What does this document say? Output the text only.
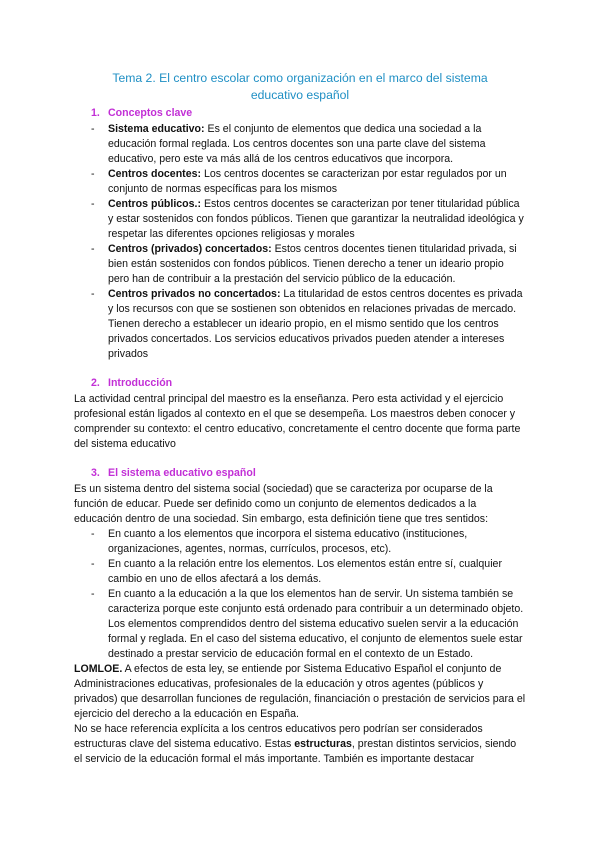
Tema 2. El centro escolar como organización en el marco del sistema educativo español
1. Conceptos clave
- Sistema educativo: Es el conjunto de elementos que dedica una sociedad a la educación formal reglada. Los centros docentes son una parte clave del sistema educativo, pero este va más allá de los centros educativos que incorpora.
- Centros docentes: Los centros docentes se caracterizan por estar regulados por un conjunto de normas específicas para los mismos
- Centros públicos.: Estos centros docentes se caracterizan por tener titularidad pública y estar sostenidos con fondos públicos. Tienen que garantizar la neutralidad ideológica y respetar las diferentes opciones religiosas y morales
- Centros (privados) concertados: Estos centros docentes tienen titularidad privada, si bien están sostenidos con fondos públicos. Tienen derecho a tener un ideario propio pero han de contribuir a la prestación del servicio público de la educación.
- Centros privados no concertados: La titularidad de estos centros docentes es privada y los recursos con que se sostienen son obtenidos en relaciones privadas de mercado. Tienen derecho a establecer un ideario propio, en el mismo sentido que los centros privados concertados. Los servicios educativos privados pueden atender a intereses privados
2. Introducción

La actividad central principal del maestro es la enseñanza. Pero esta actividad y el ejercicio profesional están ligados al contexto en el que se desempeña. Los maestros deben conocer y comprender su contexto: el centro educativo, concretamente el centro docente que forma parte del sistema educativo

3. El sistema educativo español

Es un sistema dentro del sistema social (sociedad) que se caracteriza por ocuparse de la función de educar. Puede ser definido como un conjunto de elementos dedicados a la educación dentro de una sociedad. Sin embargo, esta definición tiene que tres sentidos:

- En cuanto a los elementos que incorpora el sistema educativo (instituciones, organizaciones, agentes, normas, currículos, procesos, etc).
- En cuanto a la relación entre los elementos. Los elementos están entre sí, cualquier cambio en uno de ellos afectará a los demás.
- En cuanto a la educación a la que los elementos han de servir. Un sistema también se caracteriza porque este conjunto está ordenado para contribuir a un determinado objeto. Los elementos comprendidos dentro del sistema educativo suelen servir a la educación formal y reglada. En el caso del sistema educativo, el conjunto de elementos suele estar destinado a prestar servicio de educación formal en el contexto de un Estado.

LOMLOE. A efectos de esta ley, se entiende por Sistema Educativo Español el conjunto de Administraciones educativas, profesionales de la educación y otros agentes (públicos y privados) que desarrollan funciones de regulación, financiación o prestación de servicios para el ejercicio del derecho a la educación en España.

No se hace referencia explícita a los centros educativos pero podrían ser considerados estructuras clave del sistema educativo. Estas estructuras, prestan distintos servicios, siendo el servicio de la educación formal el más importante. También es importante destacar
